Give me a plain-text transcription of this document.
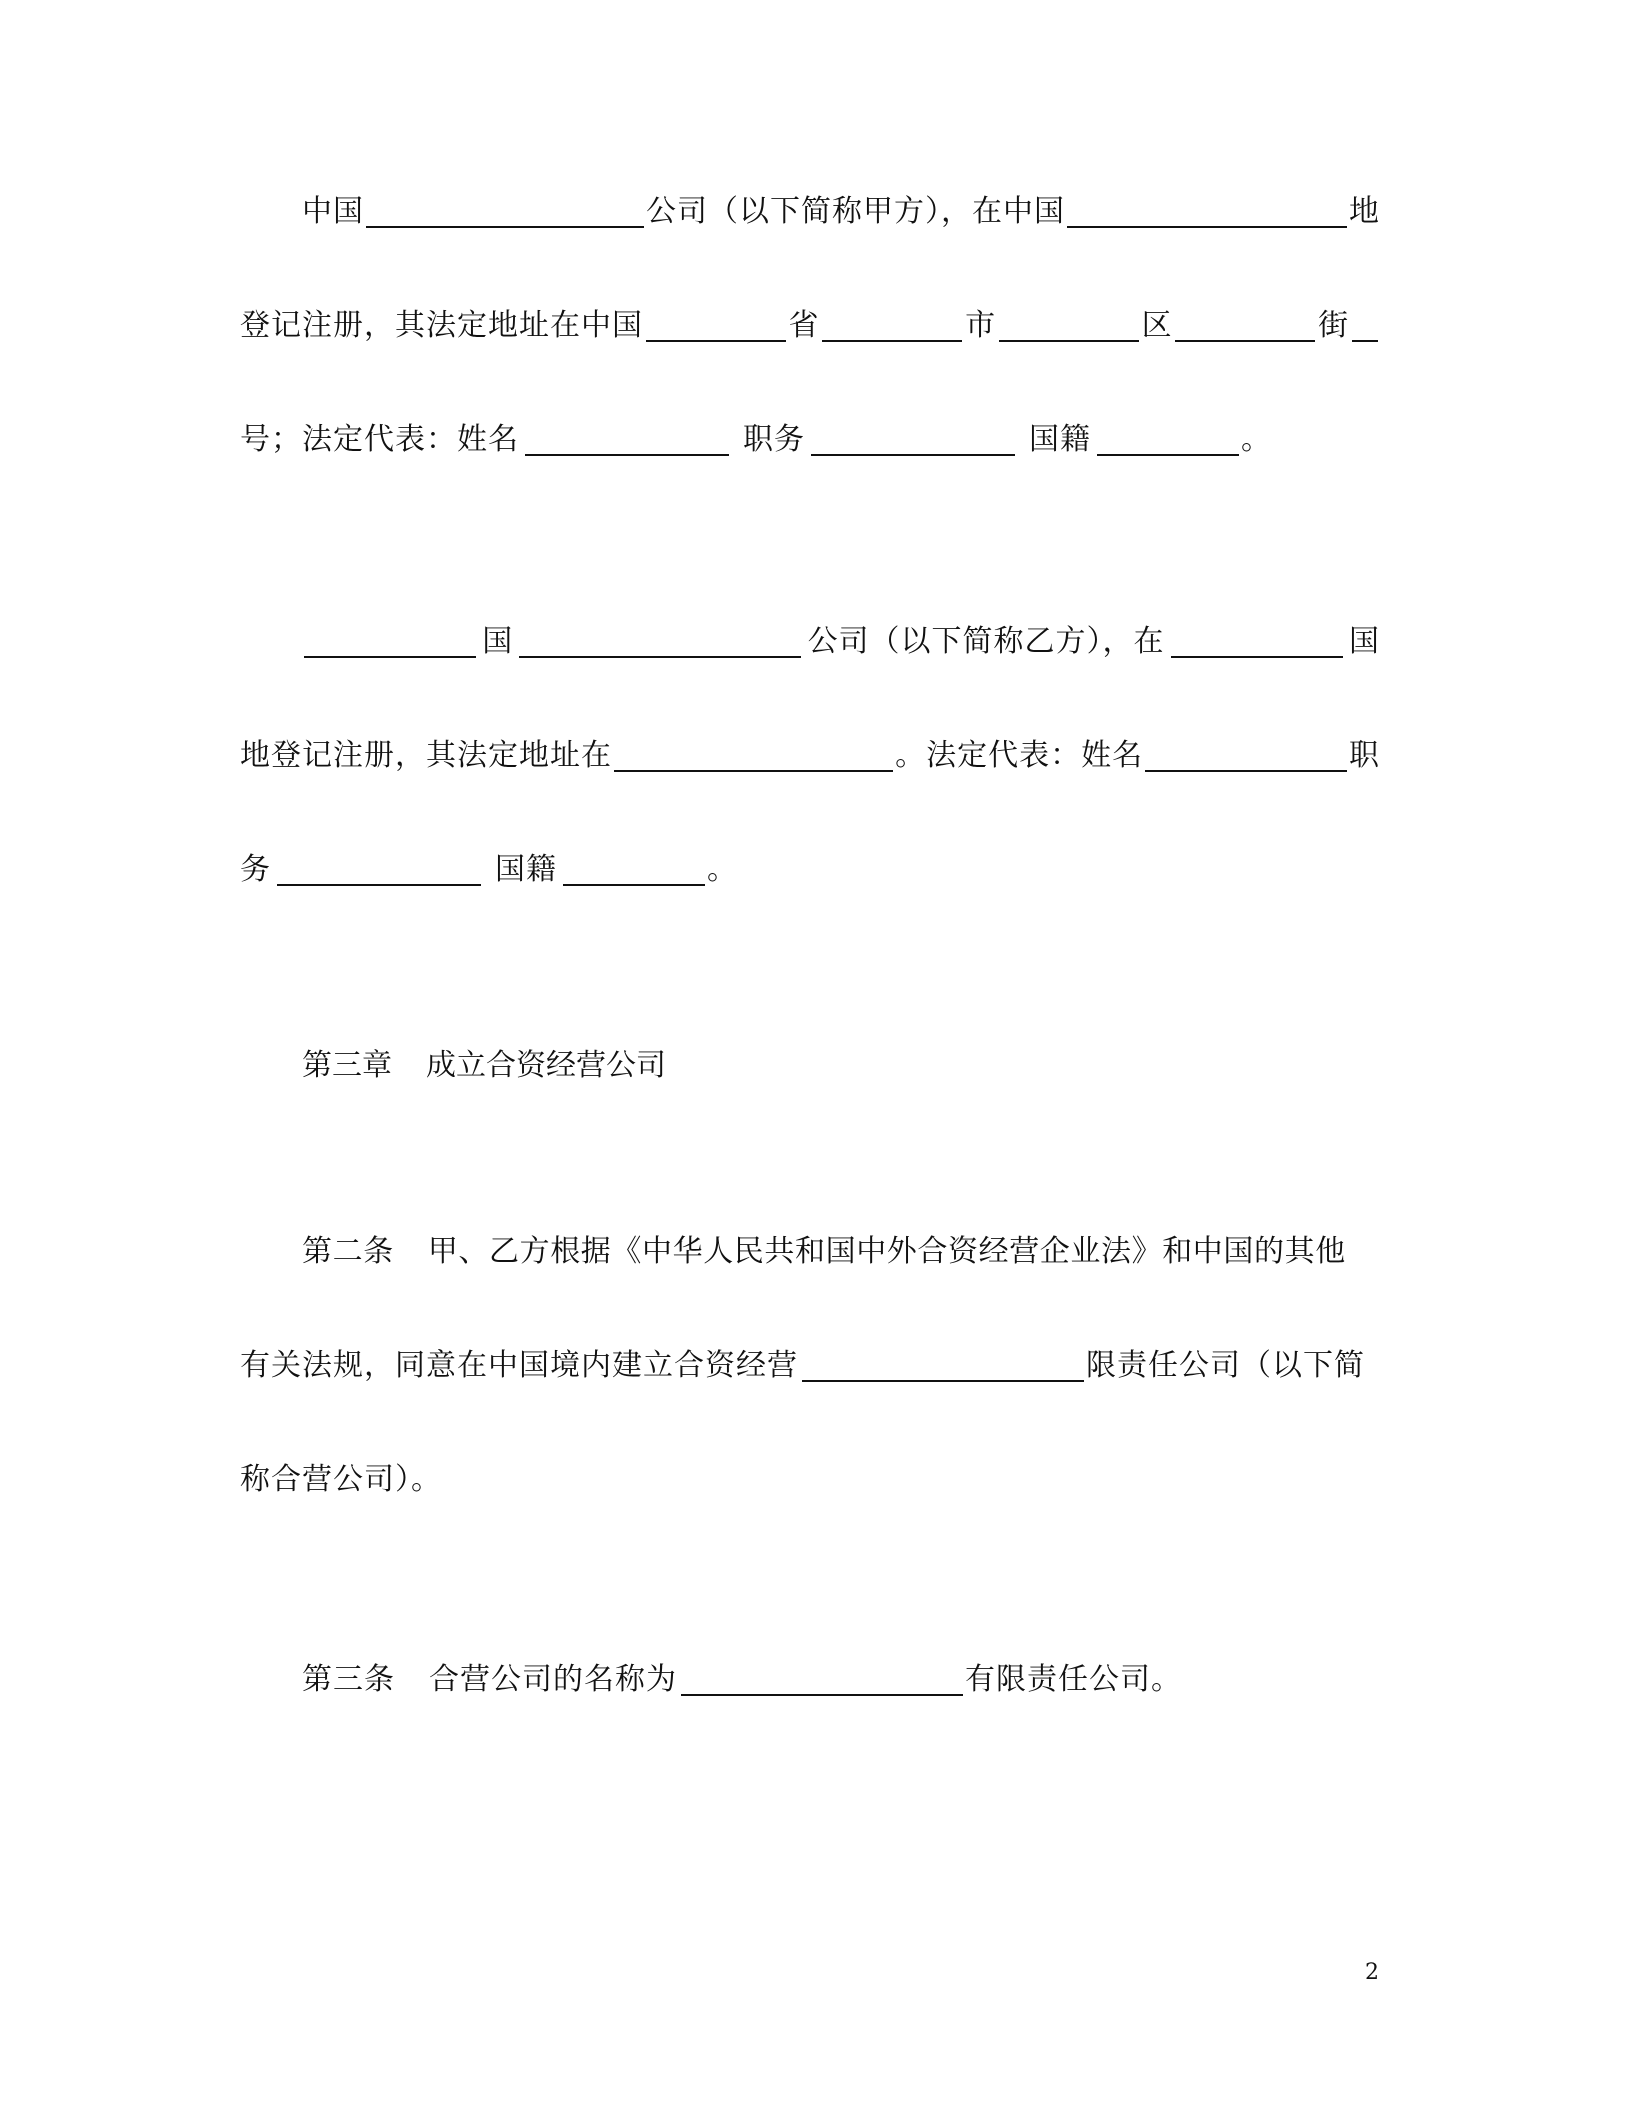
中国	公司（以下简称甲方），在中国	地
登记注册，其法定地址在中国	省	市	区	街
号；法定代表：姓名	职务	国籍	。
国	公司（以下简称乙方），在	国
地登记注册，其法定地址在	。法定代表：姓名	职
务	国籍	。
第三章 成立合资经营公司
第二条 甲、乙方根据《中华人民共和国中外合资经营企业法》和中国的其他
有关法规，同意在中国境内建立合资经营	限责任公司（以下简
称合营公司）。
第三条 合营公司的名称为	有限责任公司。
2
